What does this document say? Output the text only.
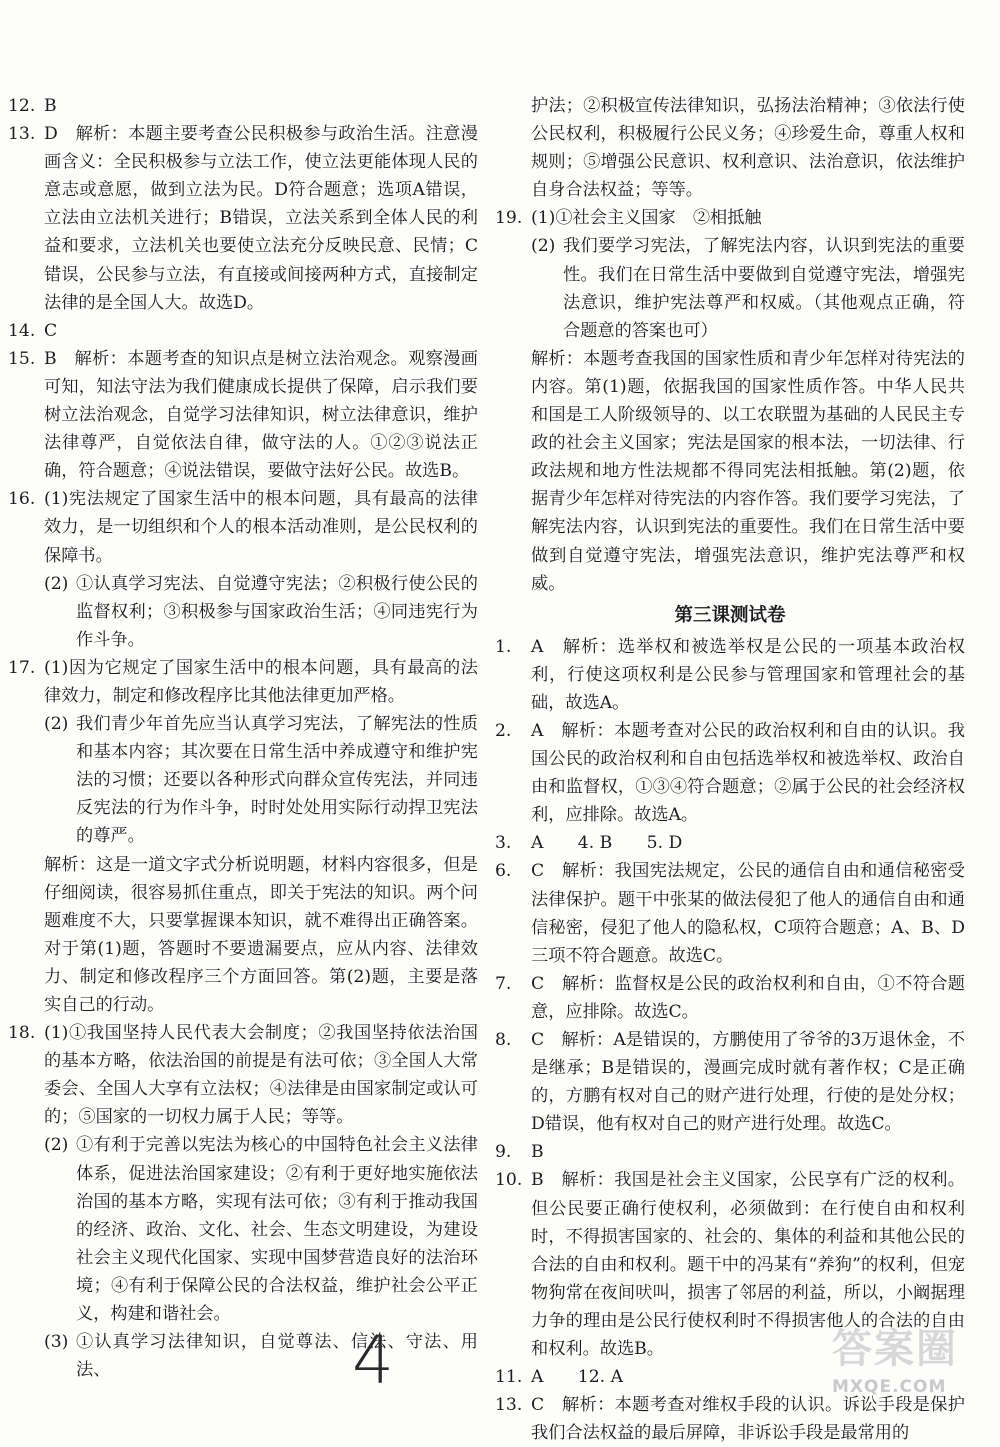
12. B
13. D　解析：本题主要考查公民积极参与政治生活。注意漫画含义：全民积极参与立法工作，使立法更能体现人民的意志或意愿，做到立法为民。D符合题意；选项A错误，立法由立法机关进行；B错误，立法关系到全体人民的利益和要求，立法机关也要使立法充分反映民意、民情；C错误，公民参与立法，有直接或间接两种方式，直接制定法律的是全国人大。故选D。
14. C
15. B　解析：本题考查的知识点是树立法治观念。观察漫画可知，知法守法为我们健康成长提供了保障，启示我们要树立法治观念，自觉学习法律知识，树立法律意识，维护法律尊严，自觉依法自律，做守法的人。①②③说法正确，符合题意；④说法错误，要做守法好公民。故选B。
16. (1)宪法规定了国家生活中的根本问题，具有最高的法律效力，是一切组织和个人的根本活动准则，是公民权利的保障书。
(2) ①认真学习宪法、自觉遵守宪法；②积极行使公民的监督权利；③积极参与国家政治生活；④同违宪行为作斗争。
17. (1)因为它规定了国家生活中的根本问题，具有最高的法律效力，制定和修改程序比其他法律更加严格。
(2) 我们青少年首先应当认真学习宪法，了解宪法的性质和基本内容；其次要在日常生活中养成遵守和维护宪法的习惯；还要以各种形式向群众宣传宪法，并同违反宪法的行为作斗争，时时处处用实际行动捍卫宪法的尊严。
解析：这是一道文字式分析说明题，材料内容很多，但是仔细阅读，很容易抓住重点，即关于宪法的知识。两个问题难度不大，只要掌握课本知识，就不难得出正确答案。对于第(1)题，答题时不要遗漏要点，应从内容、法律效力、制定和修改程序三个方面回答。第(2)题，主要是落实自己的行动。
18. (1)①我国坚持人民代表大会制度；②我国坚持依法治国的基本方略，依法治国的前提是有法可依；③全国人大常委会、全国人大享有立法权；④法律是由国家制定或认可的；⑤国家的一切权力属于人民；等等。
(2) ①有利于完善以宪法为核心的中国特色社会主义法律体系，促进法治国家建设；②有利于更好地实施依法治国的基本方略，实现有法可依；③有利于推动我国的经济、政治、文化、社会、生态文明建设，为建设社会主义现代化国家、实现中国梦营造良好的法治环境；④有利于保障公民的合法权益，维护社会公平正义，构建和谐社会。
(3) ①认真学习法律知识，自觉尊法、信法、守法、用法、
护法；②积极宣传法律知识，弘扬法治精神；③依法行使公民权利，积极履行公民义务；④珍爱生命，尊重人权和规则；⑤增强公民意识、权利意识、法治意识，依法维护自身合法权益；等等。
19. (1)①社会主义国家　②相抵触
(2) 我们要学习宪法，了解宪法内容，认识到宪法的重要性。我们在日常生活中要做到自觉遵守宪法，增强宪法意识，维护宪法尊严和权威。（其他观点正确，符合题意的答案也可）
解析：本题考查我国的国家性质和青少年怎样对待宪法的内容。第(1)题，依据我国的国家性质作答。中华人民共和国是工人阶级领导的、以工农联盟为基础的人民民主专政的社会主义国家；宪法是国家的根本法，一切法律、行政法规和地方性法规都不得同宪法相抵触。第(2)题，依据青少年怎样对待宪法的内容作答。我们要学习宪法，了解宪法内容，认识到宪法的重要性。我们在日常生活中要做到自觉遵守宪法，增强宪法意识，维护宪法尊严和权威。
第三课测试卷
1. A　解析：选举权和被选举权是公民的一项基本政治权利，行使这项权利是公民参与管理国家和管理社会的基础，故选A。
2. A　解析：本题考查对公民的政治权利和自由的认识。我国公民的政治权利和自由包括选举权和被选举权、政治自由和监督权，①③④符合题意；②属于公民的社会经济权利，应排除。故选A。
3. A　　4. B　　5. D
6. C　解析：我国宪法规定，公民的通信自由和通信秘密受法律保护。题干中张某的做法侵犯了他人的通信自由和通信秘密，侵犯了他人的隐私权，C项符合题意；A、B、D三项不符合题意。故选C。
7. C　解析：监督权是公民的政治权利和自由，①不符合题意，应排除。故选C。
8. C　解析：A是错误的，方鹏使用了爷爷的3万退休金，不是继承；B是错误的，漫画完成时就有著作权；C是正确的，方鹏有权对自己的财产进行处理，行使的是处分权；D错误，他有权对自己的财产进行处理。故选C。
9. B
10. B　解析：我国是社会主义国家，公民享有广泛的权利。但公民要正确行使权利，必须做到：在行使自由和权利时，不得损害国家的、社会的、集体的利益和其他公民的合法的自由和权利。题干中的冯某有“养狗”的权利，但宠物狗常在夜间吠叫，损害了邻居的利益，所以，小阚据理力争的理由是公民行使权利时不得损害他人的合法的自由和权利。故选B。
11. A　　12. A
13. C　解析：本题考查对维权手段的认识。诉讼手段是保护我们合法权益的最后屏障，非诉讼手段是最常用的
4	答案圈
MXQE.COM
